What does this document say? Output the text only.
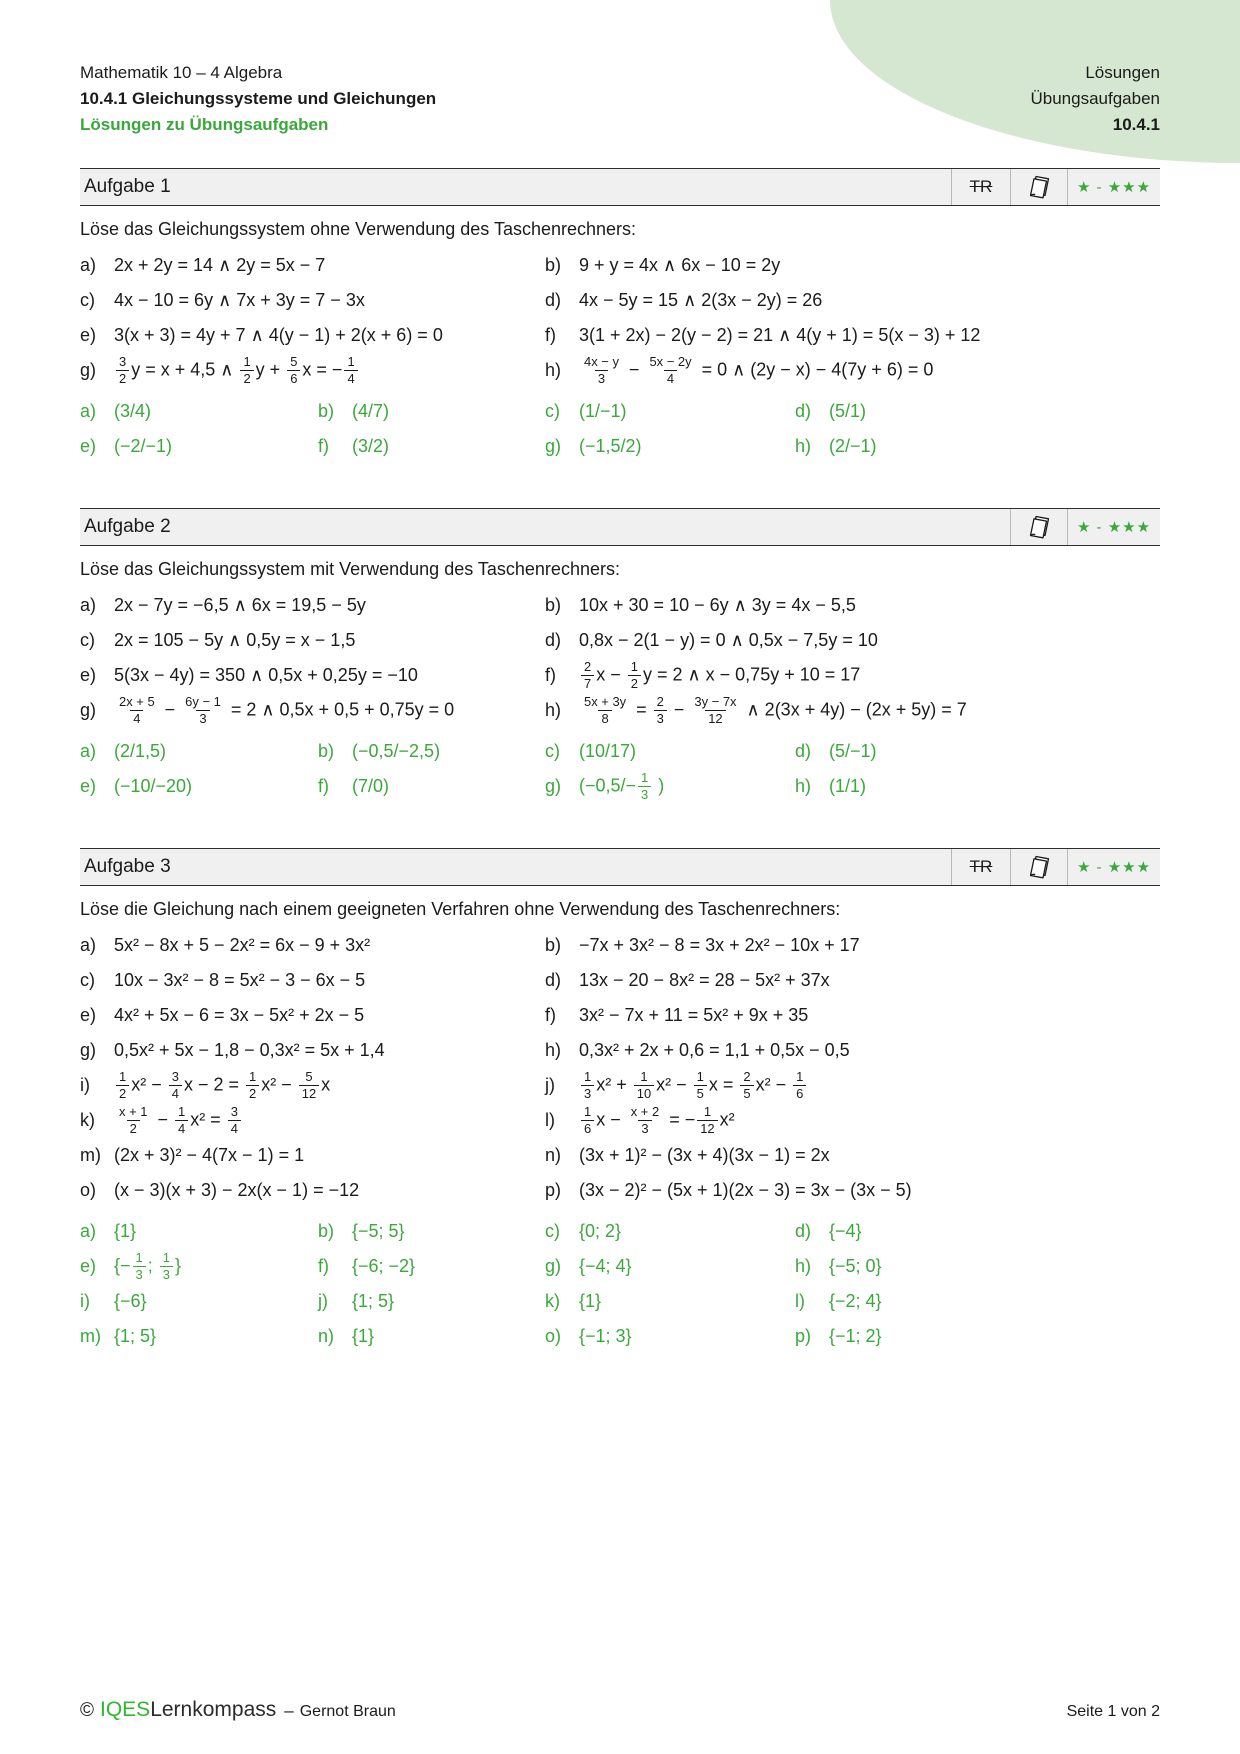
Mathematik 10 – 4 Algebra
10.4.1 Gleichungssysteme und Gleichungen
Lösungen zu Übungsaufgaben
Lösungen
Übungsaufgaben
10.4.1
Aufgabe 1	TR	★ - ★★★
Löse das Gleichungssystem ohne Verwendung des Taschenrechners:
a) 2x + 2y = 14 ∧ 2y = 5x − 7	b) 9 + y = 4x ∧ 6x − 10 = 2y
c)	4x − 10 = 6y ∧ 7x + 3y = 7 − 3x	d) 4x − 5y = 15 ∧ 2(3x − 2y) = 26
e) 3(x + 3) = 4y + 7 ∧ 4(y − 1) + 2(x + 6) = 0	f)	3(1 + 2x) − 2(y − 2) = 21 ∧ 4(y + 1) = 5(x − 3) + 12
g)	$\frac{3}{2}$ y = x + 4,5 ∧ $\frac{1}{2}$ $y + \frac{5}{6}$ x = − $\frac{1}{4}$	h)	$\frac{4x - y}{3} - \frac{5x - 2y}{4} = 0$ ∧ (2y − x) − 4(7y + 6) = 0
a) (3/4)	b) (4/7)	c)	(1/−1)	d) (5/1)
e) (−2/−1)	f)	(3/2)	g) (−1,5/2)	h) (2/−1)
Aufgabe 2	★ - ★★★
Löse das Gleichungssystem mit Verwendung des Taschenrechners:
a) 2x − 7y = −6,5 ∧ 6x = 19,5 − 5y	b) 10x + 30 = 10 − 6y ∧ 3y = 4x − 5,5
c)	2x = 105 − 5y ∧ 0,5y = x − 1,5	d) 0,8x − 2(1 − y) = 0 ∧ 0,5x − 7,5y = 10
e) 5(3x − 4y) = 350 ∧ 0,5x + 0,25y = −10	f)	$\frac{2}{7}$ $x - \frac{1}{2}$ y = 2 ∧ x − 0,75y + 10 = 17
g)	$\frac{2x + 5}{4} - \frac{6y - 1}{3} = 2$ ∧ 0,5x + 0,5 + 0,75y = 0	h)	$\frac{5x + 3y}{8} = \frac{2}{3} - \frac{3y - 7x}{12}$ ∧ 2(3x + 4y) − (2x + 5y) = 7
a) (2/1,5)	b) (−0,5/−2,5)	c)	(10/17)	d) (5/−1)
e) (−10/−20)	f)	(7/0)	g) ($-0,5/- \frac{1}{3}$ )	h) (1/1)
Aufgabe 3	TR	★ - ★★★
Löse die Gleichung nach einem geeigneten Verfahren ohne Verwendung des Taschenrechners:
a) 5x² − 8x + 5 − 2x² = 6x − 9 + 3x²	b) −7x + 3x² − 8 = 3x + 2x² − 10x + 17
c)	10x − 3x² − 8 = 5x² − 3 − 6x − 5	d) 13x − 20 − 8x² = 28 − 5x² + 37x
e) 4x² + 5x − 6 = 3x − 5x² + 2x − 5	f)	3x² − 7x + 11 = 5x² + 9x + 35
g) 0,5x² + 5x − 1,8 − 0,3x² = 5x + 1,4	h) 0,3x² + 2x + 0,6 = 1,1 + 0,5x − 0,5
i)	$\frac{1}{2} x^2 - \frac{3}{4}$ $x - 2 = \frac{1}{2} x^2 - \frac{5}{12}$ x	j)	$\frac{1}{3} x^2 + \frac{1}{10} x^2 - \frac{1}{5}$ $x = \frac{2}{5} x^2 - \frac{1}{6}$
k)	$\frac{x + 1}{2} - \frac{1}{4} x^2 = \frac{3}{4}$	l)	$\frac{1}{6}$ $x - \frac{x + 2}{3}$ = − $\frac{1}{12} x^2$
m) (2x + 3)² − 4(7x − 1) = 1	n) (3x + 1)² − (3x + 4)(3x − 1) = 2x
o) (x − 3)(x + 3) − 2x(x − 1) = −12	p) (3x − 2)² − (5x + 1)(2x − 3) = 3x − (3x − 5)
a) {1}	b) {−5; 5}	c)	{0; 2}	d) {−4}
e) {− $\frac{1}{3}$ ; $\frac{1}{3}$ }	f)	{−6; −2}	g) {−4; 4}	h) {−5; 0}
i)	{−6}	j)	{1; 5}	k)	{1}	l)	{−2; 4}
m) {1; 5}	n) {1}	o) {−1; 3}	p) {−1; 2}
© IQESLernkompass – Gernot Braun	Seite 1 von 2
